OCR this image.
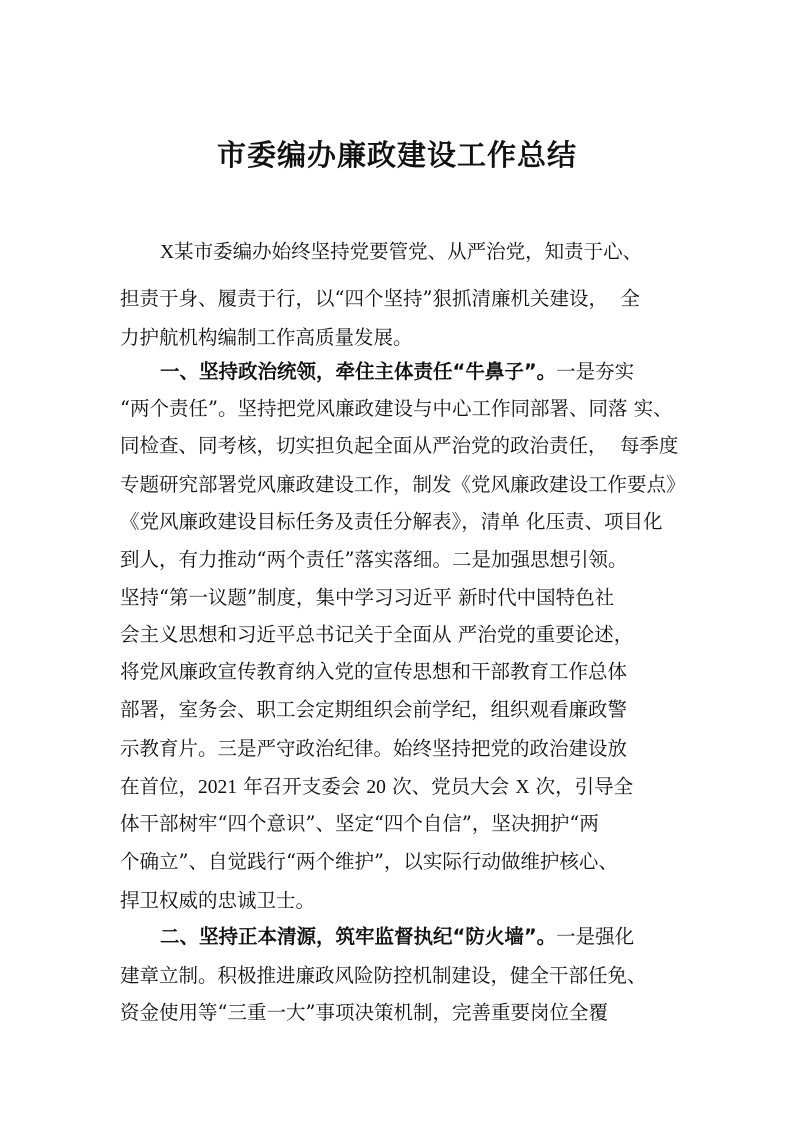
市委编办廉政建设工作总结
X某市委编办始终坚持党要管党、从严治党，知责于心、
担责于身、履责于行，以“四个坚持”狠抓清廉机关建设，  全
力护航机构编制工作高质量发展。
一、坚持政治统领，牵住主体责任“牛鼻子”。一是夯实
“两个责任”。坚持把党风廉政建设与中心工作同部署、同落 实、
同检查、同考核，切实担负起全面从严治党的政治责任，  每季度
专题研究部署党风廉政建设工作，制发《党风廉政建设工作要点》
《党风廉政建设目标任务及责任分解表》，清单 化压责、项目化
到人，有力推动“两个责任”落实落细。二是加强思想引领。
坚持“第一议题”制度，集中学习习近平 新时代中国特色社
会主义思想和习近平总书记关于全面从 严治党的重要论述，
将党风廉政宣传教育纳入党的宣传思想和干部教育工作总体
部署，室务会、职工会定期组织会前学纪，组织观看廉政警
示教育片。三是严守政治纪律。始终坚持把党的政治建设放
在首位，2021 年召开支委会 20 次、党员大会 X 次，引导全
体干部树牢“四个意识”、坚定“四个自信”，坚决拥护“两
个确立”、自觉践行“两个维护”，以实际行动做维护核心、
捍卫权威的忠诚卫士。
二、坚持正本清源，筑牢监督执纪“防火墙”。一是强化
建章立制。积极推进廉政风险防控机制建设，健全干部任免、
资金使用等“三重一大”事项决策机制，完善重要岗位全覆
